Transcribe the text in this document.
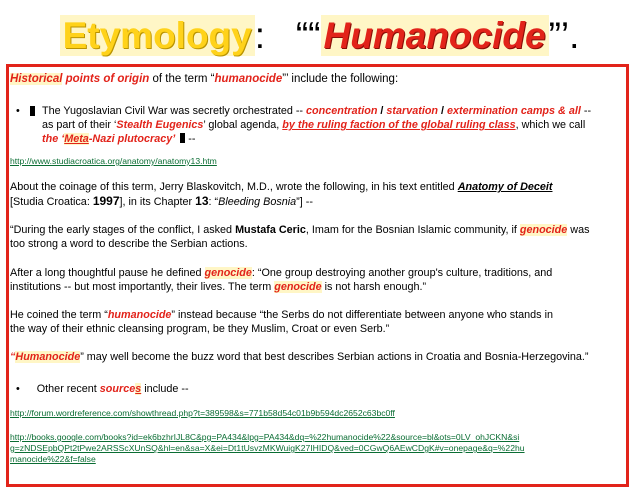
Etymology: ““Humanocide”’.

Historical points of origin of the term “humanocide”’ include the following:

• The Yugoslavian Civil War was secretly orchestrated -- concentration / starvation / extermination camps & all --

as part of their ‘Stealth Eugenics’ global agenda, by the ruling faction of the global ruling class, which we call

the ‘Meta-Nazi plutocracy’  --

http://www.studiacroatica.org/anatomy/anatomy13.htm

About the coinage of this term, Jerry Blaskovitch, M.D., wrote the following, in his text entitled Anatomy of Deceit
[Studia Croatica: 1997], in its Chapter 13: “Bleeding Bosnia”] --

“During the early stages of the conflict, I asked Mustafa Ceric, Imam for the Bosnian Islamic community, if genocide was
too strong a word to describe the Serbian actions.

After a long thoughtful pause he defined genocide: “One group destroying another group's culture, traditions, and
institutions -- but most importantly, their lives. The term genocide is not harsh enough.”

He coined the term “humanocide” instead because “the Serbs do not differentiate between anyone who stands in
the way of their ethnic cleansing program, be they Muslim, Croat or even Serb.”

“Humanocide” may well become the buzz word that best describes Serbian actions in Croatia and Bosnia-Herzegovina.”

• Other recent sources include --

http://forum.wordreference.com/showthread.php?t=389598&s=771b58d54c01b9b594dc2652c63bc0ff
http://books.google.com/books?id=ek6bzhrIJL8C&pg=PA434&lpg=PA434&dq=%22humanocide%22&source=bl&ots=0LV_ohJCKN&si
g=zNDSEpbQPt2tPwe2ARSScXUnSQ&hl=en&sa=X&ei=Dt1tUsvzMKWuigK27IHIDQ&ved=0CGwQ6AEwCDgK#v=onepage&q=%22hu
manocide%22&f=false
